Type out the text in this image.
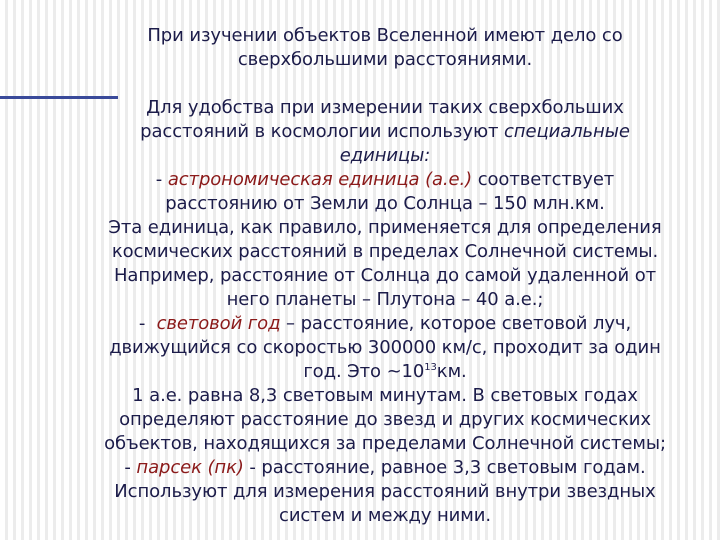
При изучении объектов Вселенной имеют дело со

сверхбольшими расстояниями.

Для удобства при измерении таких сверхбольших

расстояний в космологии используют специальные

единицы:

- астрономическая единица (а.е.) соответствует

расстоянию от Земли до Солнца – 150 млн.км.

Эта единица, как правило, применяется для определения

космических расстояний в пределах Солнечной системы.

Например, расстояние от Солнца до самой удаленной от

него планеты – Плутона – 40 а.е.;

- световой год – расстояние, которое световой луч,

движущийся со скоростью 300000 км/с, проходит за один

год. Это $\sim 10^{13}км$.

1 а.е. равна 8,3 световым минутам. В световых годах

определяют расстояние до звезд и других космических

объектов, находящихся за пределами Солнечной системы;

- парсек (пк) - расстояние, равное 3,3 световым годам.

Используют для измерения расстояний внутри звездных

систем и между ними.
